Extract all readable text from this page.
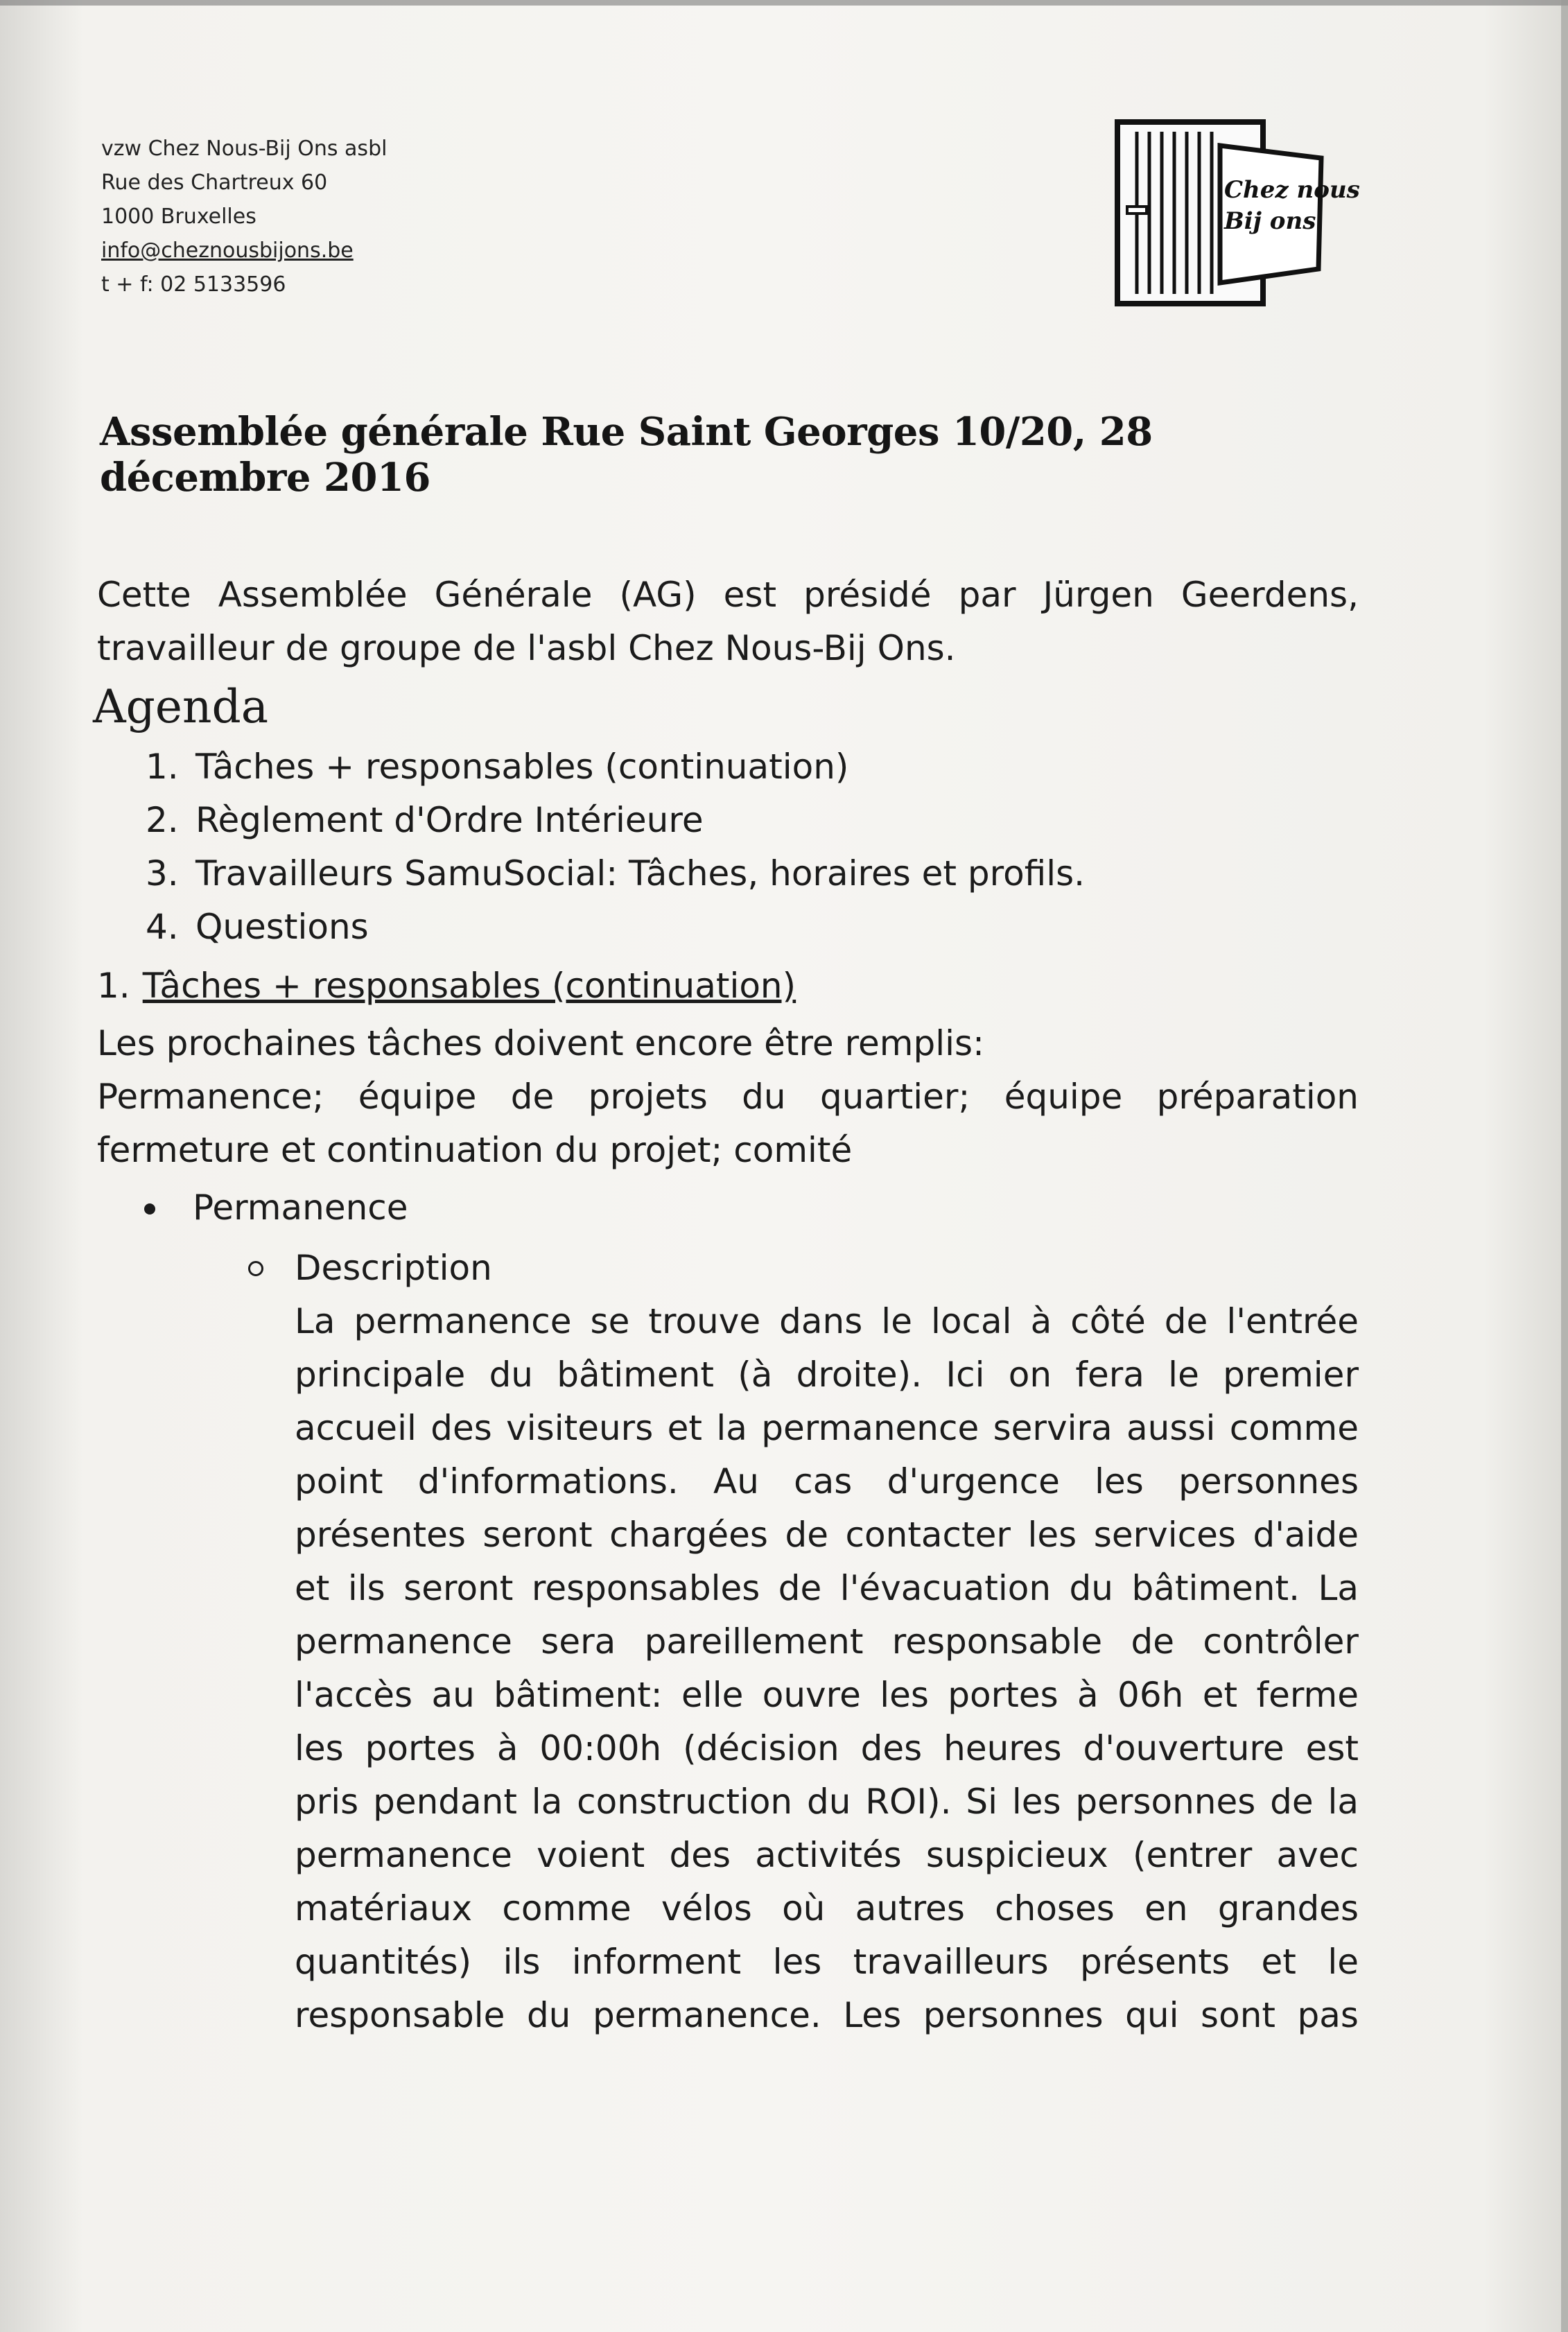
vzw Chez Nous-Bij Ons asbl
Rue des Chartreux 60
1000 Bruxelles
info@cheznousbijons.be
t + f: 02 5133596
Chez nous
Bij ons
Assemblée générale Rue Saint Georges 10/20, 28 décembre 2016

Cette Assemblée Générale (AG) est présidé par Jürgen Geerdens, travailleur de groupe de l'asbl Chez Nous-Bij Ons.

Agenda
1. Tâches + responsables (continuation)
2. Règlement d'Ordre Intérieure
3. Travailleurs SamuSocial: Tâches, horaires et profils.
4. Questions
1. Tâches + responsables (continuation)

Les prochaines tâches doivent encore être remplis:

Permanence; équipe de projets du quartier; équipe préparation fermeture et continuation du projet; comité

Permanence
Description
La permanence se trouve dans le local à côté de l'entrée
principale du bâtiment (à droite). Ici on fera le premier
accueil des visiteurs et la permanence servira aussi comme
point d'informations. Au cas d'urgence les personnes
présentes seront chargées de contacter les services d'aide
et ils seront responsables de l'évacuation du bâtiment. La
permanence sera pareillement responsable de contrôler
l'accès au bâtiment: elle ouvre les portes à 06h et ferme
les portes à 00:00h (décision des heures d'ouverture est
pris pendant la construction du ROI). Si les personnes de la
permanence voient des activités suspicieux (entrer avec
matériaux comme vélos où autres choses en grandes
quantités) ils informent les travailleurs présents et le
responsable du permanence. Les personnes qui sont pas
